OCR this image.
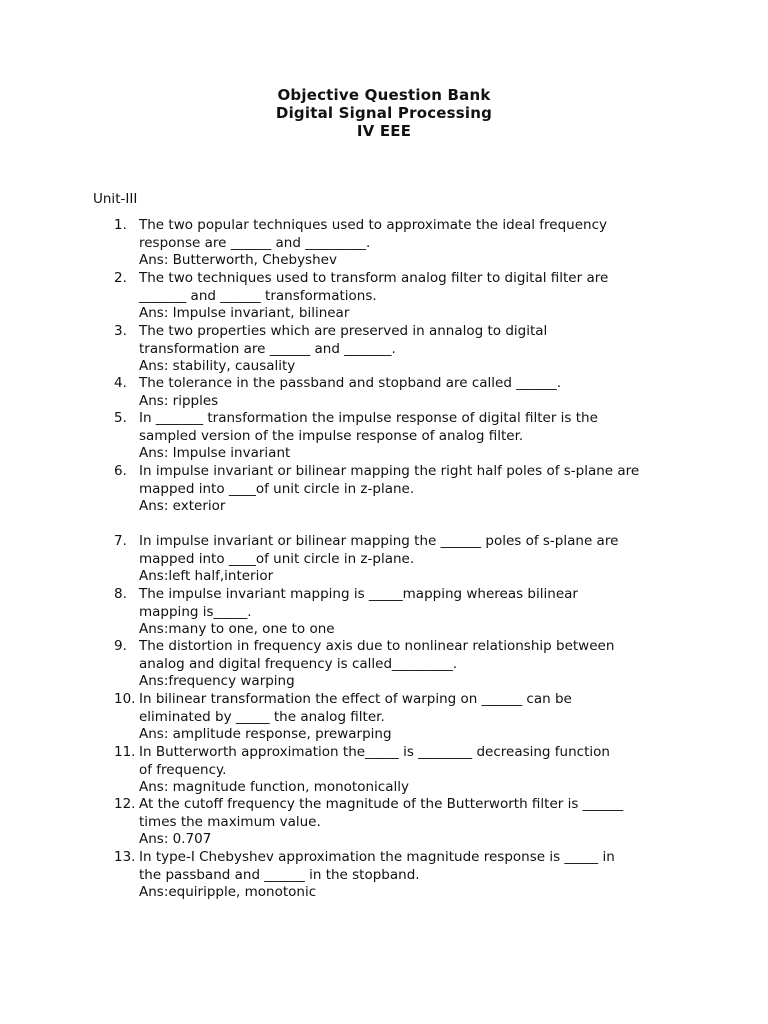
Objective Question Bank
Digital Signal Processing
IV EEE
Unit-III
1. The two popular techniques used to approximate the ideal frequency
response are ______ and _________.
Ans: Butterworth, Chebyshev
2. The two techniques used to transform analog filter to digital filter are
_______ and ______ transformations.
Ans: Impulse invariant, bilinear
3. The two properties which are preserved in annalog to digital
transformation are ______ and _______.
Ans: stability, causality
4. The tolerance in the passband and stopband are called ______.
Ans: ripples
5. In _______ transformation the impulse response of digital filter is the
sampled version of the impulse response of analog filter.
Ans: Impulse invariant
6. In impulse invariant or bilinear mapping the right half poles of s-plane are
mapped into ____of unit circle in z-plane.
Ans: exterior
7. In impulse invariant or bilinear mapping the ______ poles of s-plane are
mapped into ____of unit circle in z-plane.
Ans:left half,interior
8. The impulse invariant mapping is _____mapping whereas bilinear
mapping is_____.
Ans:many to one, one to one
9. The distortion in frequency axis due to nonlinear relationship between
analog and digital frequency is called_________.
Ans:frequency warping
10. In bilinear transformation the effect of warping on ______ can be
eliminated by _____ the analog filter.
Ans: amplitude response, prewarping
11. In Butterworth approximation the_____ is ________ decreasing function
of frequency.
Ans: magnitude function, monotonically
12. At the cutoff frequency the magnitude of the Butterworth filter is ______
times the maximum value.
Ans: 0.707
13. In type-I Chebyshev approximation the magnitude response is _____ in
the passband and ______ in the stopband.
Ans:equiripple, monotonic
